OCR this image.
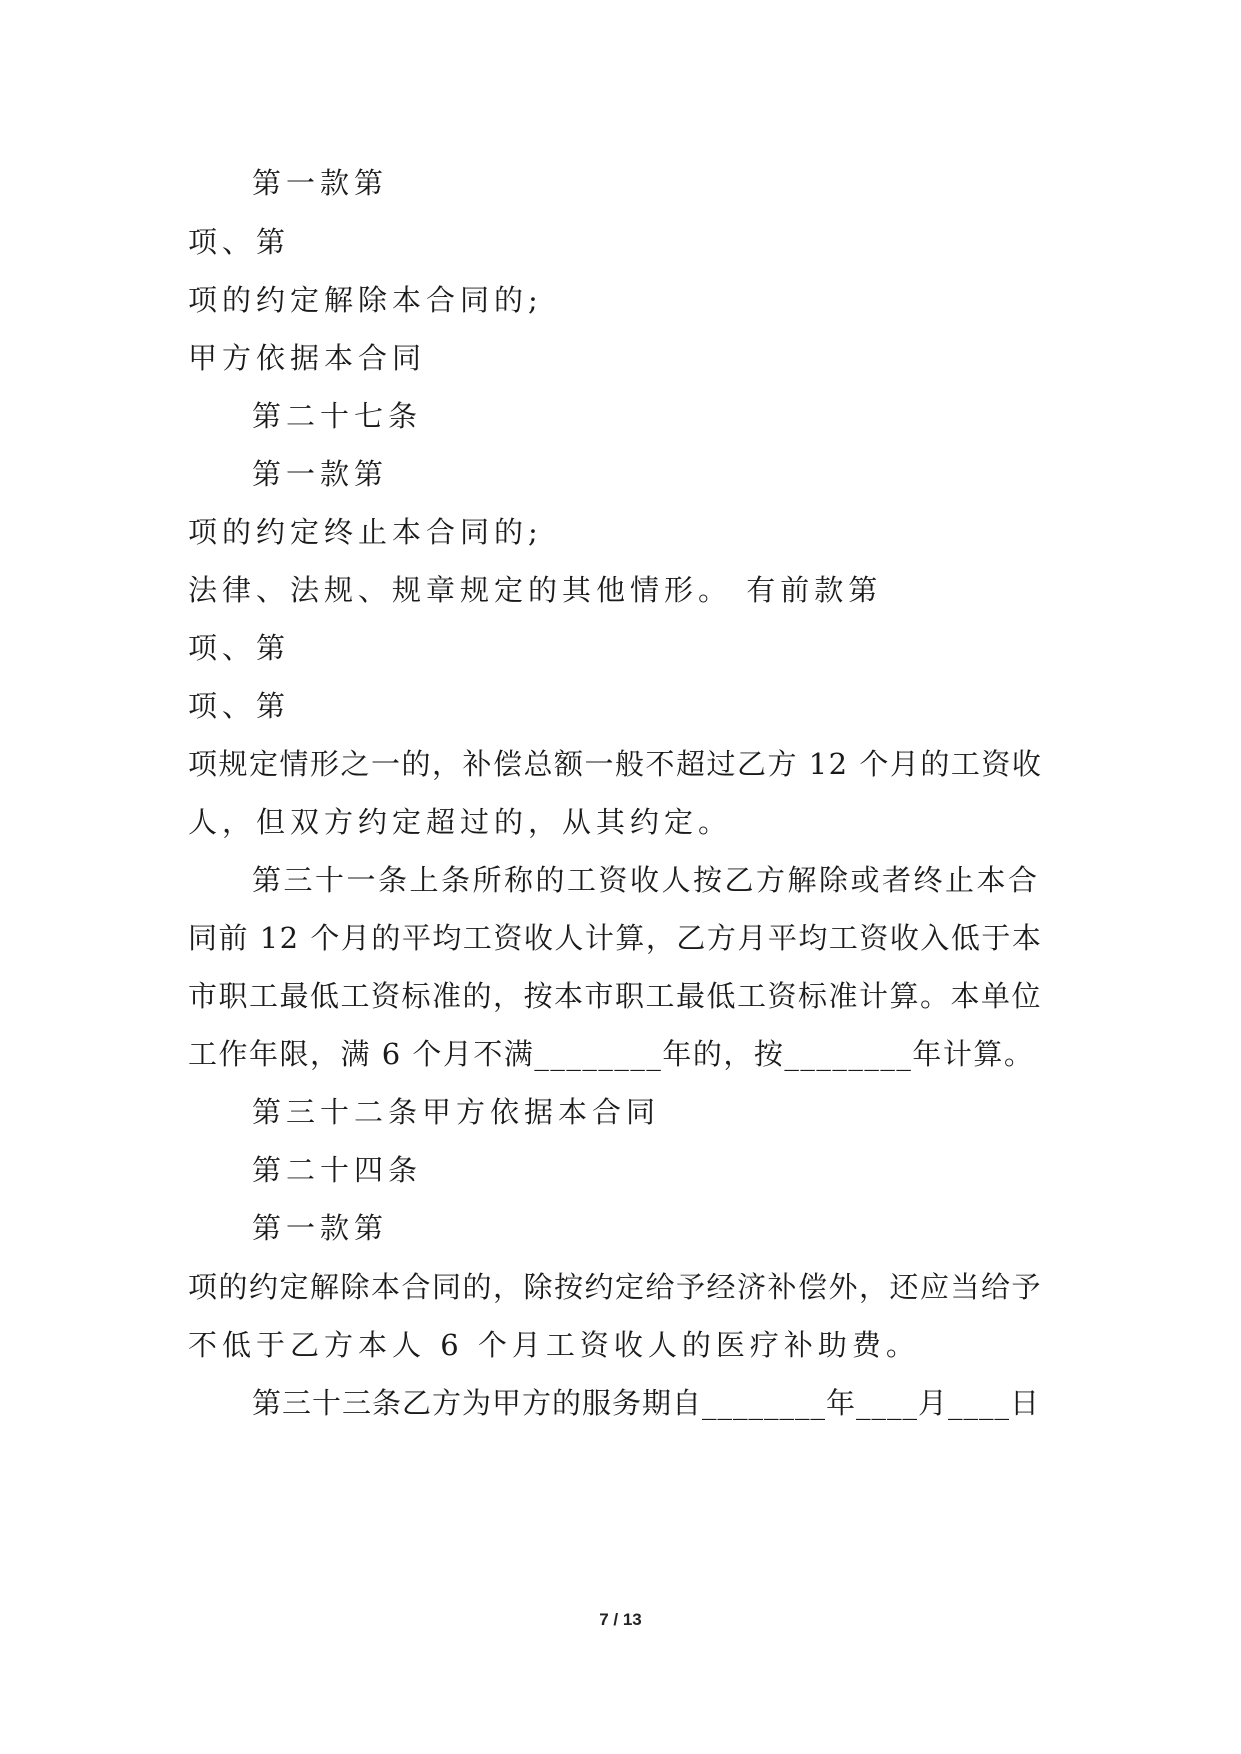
第一款第
项、第
项的约定解除本合同的;
甲方依据本合同
第二十七条
第一款第
项的约定终止本合同的;
法律、法规、规章规定的其他情形。 有前款第
项、第
项、第
项规定情形之一的，补偿总额一般不超过乙方 12 个月的工资收
人，但双方约定超过的，从其约定。
第三十一条上条所称的工资收人按乙方解除或者终止本合
同前 12 个月的平均工资收人计算，乙方月平均工资收入低于本
市职工最低工资标准的，按本市职工最低工资标准计算。本单位
工作年限，满 6 个月不满________年的，按________年计算。
第三十二条甲方依据本合同
第二十四条
第一款第
项的约定解除本合同的，除按约定给予经济补偿外，还应当给予
不低于乙方本人 6 个月工资收人的医疗补助费。
第三十三条乙方为甲方的服务期自________年____月____日
7 / 13
